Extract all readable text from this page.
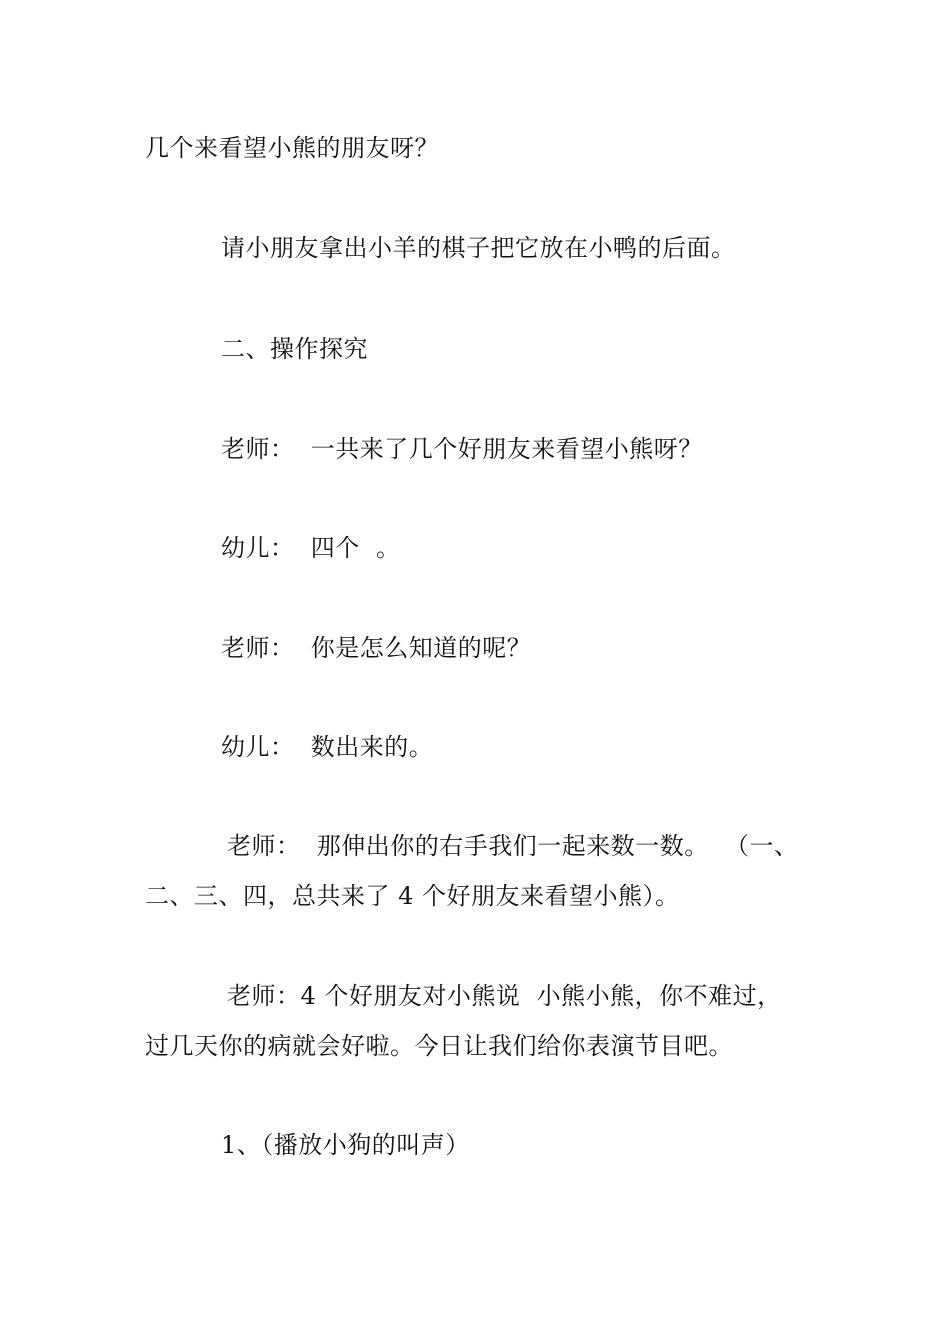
几个来看望小熊的朋友呀？
请小朋友拿出小羊的棋子把它放在小鸭的后面。
二、操作探究
老师：  一共来了几个好朋友来看望小熊呀？
幼儿：  四个  。
老师：  你是怎么知道的呢？
幼儿：  数出来的。
老师：  那伸出你的右手我们一起来数一数。  （一、
二、三、四，总共来了 4 个好朋友来看望小熊）。
老师：4 个好朋友对小熊说  小熊小熊，你不难过，
过几天你的病就会好啦。今日让我们给你表演节目吧。
1、（播放小狗的叫声）
